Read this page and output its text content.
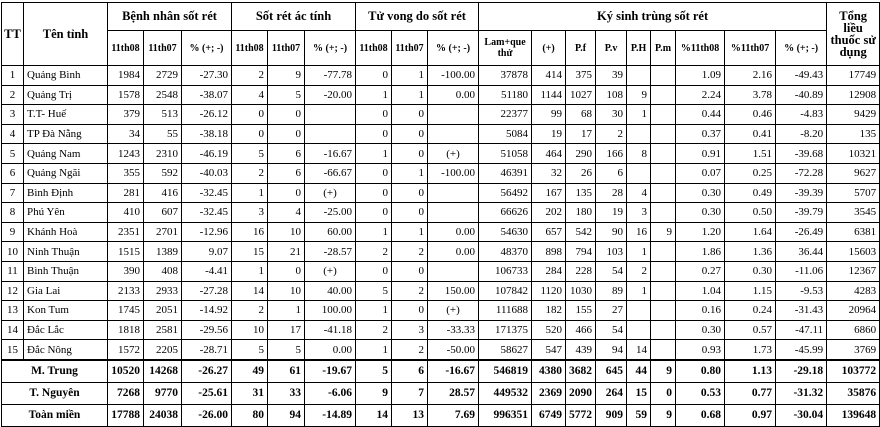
TT	Tên tỉnh	Bệnh nhân sốt rét			Sốt rét ác tính			Tử vong do sốt rét			Ký sinh trùng sốt rét									Tổng liều thuốc sử dụng
		11th08	11th07	% (+; -)	11th08	11th07	% (+; -)	11th08	11th07	% (+; -)	Lam+que thử	(+)	P.f	P.v	P.H	P.m	%11th08	%11th07	% (+; -)	
1	Quảng Bình	1984	2729	-27.30	2	9	-77.78	0	1	-100.00	37878	414	375	39			1.09	2.16	-49.43	17749
2	Quảng Trị	1578	2548	-38.07	4	5	-20.00	1	1	0.00	51180	1144	1027	108	9		2.24	3.78	-40.89	12908
3	T.T- Huế	379	513	-26.12	0	0		0	0		22377	99	68	30	1		0.44	0.46	-4.83	9429
4	TP Đà Nẵng	34	55	-38.18	0	0		0	0		5084	19	17	2			0.37	0.41	-8.20	135
5	Quảng Nam	1243	2310	-46.19	5	6	-16.67	1	0	(+)	51058	464	290	166	8		0.91	1.51	-39.68	10321
6	Quảng Ngãi	355	592	-40.03	2	6	-66.67	0	1	-100.00	46391	32	26	6			0.07	0.25	-72.28	9627
7	Bình Định	281	416	-32.45	1	0	(+)	0	0		56492	167	135	28	4		0.30	0.49	-39.39	5707
8	Phú Yên	410	607	-32.45	3	4	-25.00	0	0		66626	202	180	19	3		0.30	0.50	-39.79	3545
9	Khánh Hoà	2351	2701	-12.96	16	10	60.00	1	1	0.00	54630	657	542	90	16	9	1.20	1.64	-26.49	6381
10	Ninh Thuận	1515	1389	9.07	15	21	-28.57	2	2	0.00	48370	898	794	103	1		1.86	1.36	36.44	15603
11	Bình Thuận	390	408	-4.41	1	0	(+)	0	0		106733	284	228	54	2		0.27	0.30	-11.06	12367
12	Gia Lai	2133	2933	-27.28	14	10	40.00	5	2	150.00	107842	1120	1030	89	1		1.04	1.15	-9.53	4283
13	Kon Tum	1745	2051	-14.92	2	1	100.00	1	0	(+)	111688	182	155	27			0.16	0.24	-31.43	20964
14	Đắc Lắc	1818	2581	-29.56	10	17	-41.18	2	3	-33.33	171375	520	466	54			0.30	0.57	-47.11	6860
15	Đắc Nông	1572	2205	-28.71	5	5	0.00	1	2	-50.00	58627	547	439	94	14		0.93	1.73	-45.99	3769
M. Trung		10520	14268	-26.27	49	61	-19.67	5	6	-16.67	546819	4380	3682	645	44	9	0.80	1.13	-29.18	103772
T. Nguyên		7268	9770	-25.61	31	33	-6.06	9	7	28.57	449532	2369	2090	264	15	0	0.53	0.77	-31.32	35876
Toàn miền		17788	24038	-26.00	80	94	-14.89	14	13	7.69	996351	6749	5772	909	59	9	0.68	0.97	-30.04	139648
